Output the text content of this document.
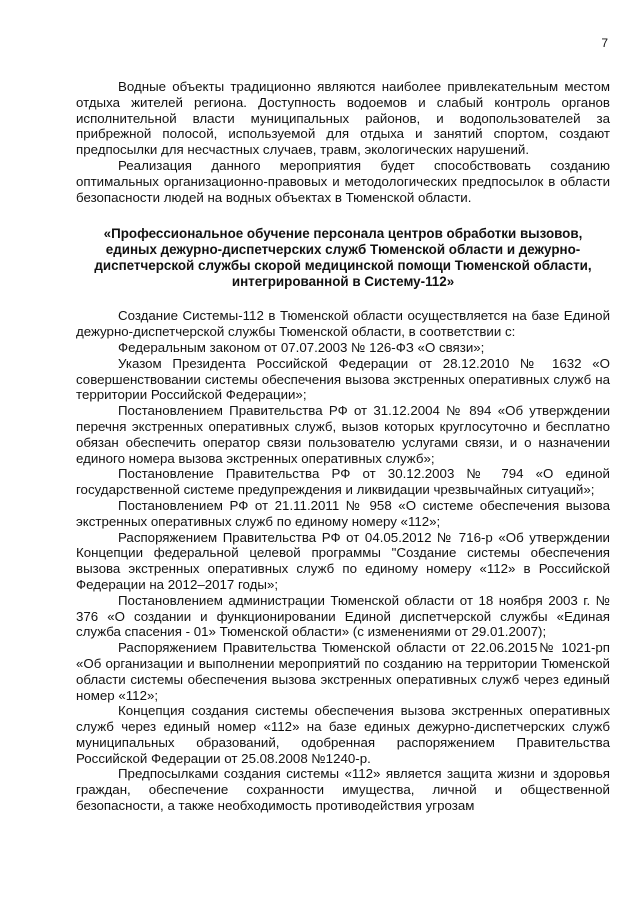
7

Водные объекты традиционно являются наиболее привлекательным местом отдыха жителей региона. Доступность водоемов и слабый контроль органов исполнительной власти муниципальных районов, и водопользователей за прибрежной полосой, используемой для отдыха и занятий спортом, создают предпосылки для несчастных случаев, травм, экологических нарушений.

Реализация данного мероприятия будет способствовать созданию оптимальных организационно-правовых и методологических предпосылок в области безопасности людей на водных объектах в Тюменской области.

«Профессиональное обучение персонала центров обработки вызовов, единых дежурно-диспетчерских служб Тюменской области и дежурно-диспетчерской службы скорой медицинской помощи Тюменской области, интегрированной в Систему-112»

Создание Системы-112 в Тюменской области осуществляется на базе Единой дежурно-диспетчерской службы Тюменской области, в соответствии с:

Федеральным законом от 07.07.2003 № 126-ФЗ «О связи»;

Указом Президента Российской Федерации от 28.12.2010 № 1632 «О совершенствовании системы обеспечения вызова экстренных оперативных служб на территории Российской Федерации»;

Постановлением Правительства РФ от 31.12.2004 № 894 «Об утверждении перечня экстренных оперативных служб, вызов которых круглосуточно и бесплатно обязан обеспечить оператор связи пользователю услугами связи, и о назначении единого номера вызова экстренных оперативных служб»;

Постановление Правительства РФ от 30.12.2003 № 794 «О единой государственной системе предупреждения и ликвидации чрезвычайных ситуаций»;

Постановлением РФ от 21.11.2011 № 958 «О системе обеспечения вызова экстренных оперативных служб по единому номеру «112»;

Распоряжением Правительства РФ от 04.05.2012 № 716-р «Об утверждении Концепции федеральной целевой программы "Создание системы обеспечения вызова экстренных оперативных служб по единому номеру «112» в Российской Федерации на 2012–2017 годы»;

Постановлением администрации Тюменской области от 18 ноября 2003 г. № 376 «О создании и функционировании Единой диспетчерской службы «Единая служба спасения - 01» Тюменской области» (с изменениями от 29.01.2007);

Распоряжением Правительства Тюменской области от 22.06.2015№ 1021-рп «Об организации и выполнении мероприятий по созданию на территории Тюменской области системы обеспечения вызова экстренных оперативных служб через единый номер «112»;

Концепция создания системы обеспечения вызова экстренных оперативных служб через единый номер «112» на базе единых дежурно-диспетчерских служб муниципальных образований, одобренная распоряжением Правительства Российской Федерации от 25.08.2008 №1240-р.

Предпосылками создания системы «112» является защита жизни и здоровья граждан, обеспечение сохранности имущества, личной и общественной безопасности, а также необходимость противодействия угрозам
